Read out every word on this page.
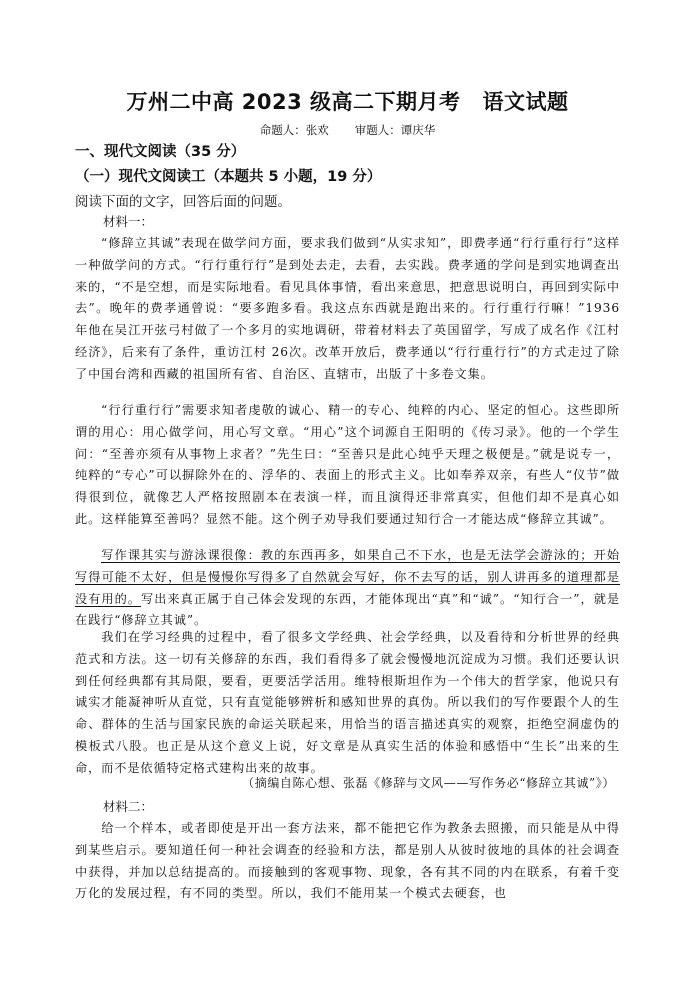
万州二中高 2023 级高二下期月考 语文试题
命题人：张欢 审题人：谭庆华
一、现代文阅读（35 分）
（一）现代文阅读工（本题共 5 小题，19 分）
阅读下面的文字，回答后面的问题。
材料一：

“修辞立其诚”表现在做学问方面，要求我们做到“从实求知”，即费孝通“行行重行行”这样一种做学问的方式。“行行重行行”是到处去走，去看，去实践。费孝通的学问是到实地调查出来的，“不是空想，而是实际地看。看见具体事情，看出来意思，把意思说明白，再回到实际中去”。晚年的费孝通曾说：“要多跑多看。我这点东西就是跑出来的。行行重行行嘛！”1936 年他在吴江开弦弓村做了一个多月的实地调研，带着材料去了英国留学，写成了成名作《江村经济》，后来有了条件，重访江村 26次。改革开放后，费孝通以“行行重行行”的方式走过了除了中国台湾和西藏的祖国所有省、自治区、直辖市，出版了十多卷文集。

“行行重行行”需要求知者虔敬的诚心、精一的专心、纯粹的内心、坚定的恒心。这些即所谓的用心：用心做学问，用心写文章。“用心”这个词源自王阳明的《传习录》。他的一个学生问：“至善亦须有从事物上求者？”先生曰：“至善只是此心纯乎天理之极便是。”就是说专一，纯粹的“专心”可以摒除外在的、浮华的、表面上的形式主义。比如奉养双亲，有些人“仪节”做得很到位，就像艺人严格按照剧本在表演一样，而且演得还非常真实，但他们却不是真心如此。这样能算至善吗？显然不能。这个例子劝导我们要通过知行合一才能达成“修辞立其诚”。

写作课其实与游泳课很像：教的东西再多，如果自己不下水，也是无法学会游泳的；开始写得可能不太好，但是慢慢你写得多了自然就会写好，你不去写的话，别人讲再多的道理都是没有用的。写出来真正属于自己体会发现的东西，才能体现出“真”和“诚”。“知行合一”，就是在践行“修辞立其诚”。

我们在学习经典的过程中，看了很多文学经典、社会学经典，以及看待和分析世界的经典范式和方法。这一切有关修辞的东西，我们看得多了就会慢慢地沉淀成为习惯。我们还要认识到任何经典都有其局限，要看，更要活学活用。维特根斯坦作为一个伟大的哲学家，他说只有诚实才能凝神听从直觉，只有直觉能够辨析和感知世界的真伪。所以我们的写作要跟个人的生命、群体的生活与国家民族的命运关联起来，用恰当的语言描述真实的观察，拒绝空洞虚伪的模板式八股。也正是从这个意义上说，好文章是从真实生活的体验和感悟中“生长”出来的生命，而不是依循特定格式建构出来的故事。

（摘编自陈心想、张磊《修辞与文风——写作务必“修辞立其诚”》）
材料二：

给一个样本，或者即使是开出一套方法来，都不能把它作为教条去照搬，而只能是从中得到某些启示。要知道任何一种社会调查的经验和方法，都是别人从彼时彼地的具体的社会调查中获得，并加以总结提高的。而接触到的客观事物、现象，各有其不同的内在联系，有着千变万化的发展过程，有不同的类型。所以，我们不能用某一个模式去硬套，也
